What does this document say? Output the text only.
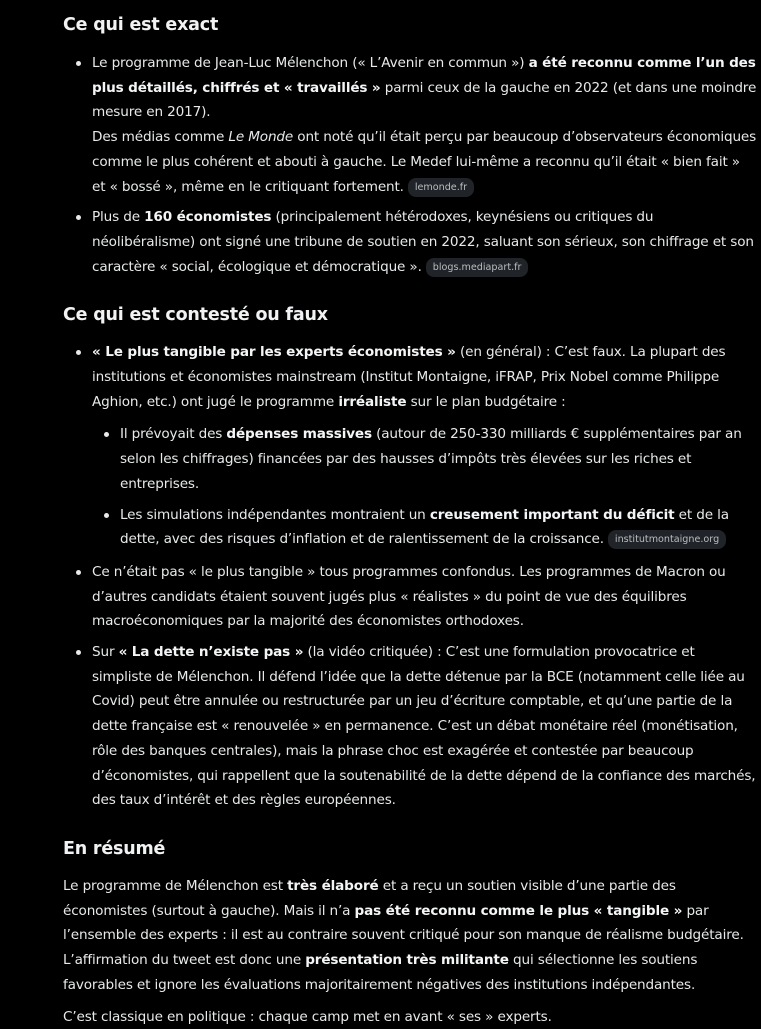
Ce qui est exact
Le programme de Jean-Luc Mélenchon (« L’Avenir en commun ») a été reconnu comme l’un des plus détaillés, chiffrés et « travaillés » parmi ceux de la gauche en 2022 (et dans une moindre mesure en 2017).
Des médias comme Le Monde ont noté qu’il était perçu par beaucoup d’observateurs économiques comme le plus cohérent et abouti à gauche. Le Medef lui-même a reconnu qu’il était « bien fait » et « bossé », même en le critiquant fortement. lemonde.fr
Plus de 160 économistes (principalement hétérodoxes, keynésiens ou critiques du néolibéralisme) ont signé une tribune de soutien en 2022, saluant son sérieux, son chiffrage et son caractère « social, écologique et démocratique ». blogs.mediapart.fr
Ce qui est contesté ou faux
« Le plus tangible par les experts économistes » (en général) : C’est faux. La plupart des institutions et économistes mainstream (Institut Montaigne, iFRAP, Prix Nobel comme Philippe Aghion, etc.) ont jugé le programme irréaliste sur le plan budgétaire :
Il prévoyait des dépenses massives (autour de 250-330 milliards € supplémentaires par an selon les chiffrages) financées par des hausses d’impôts très élevées sur les riches et entreprises.
Les simulations indépendantes montraient un creusement important du déficit et de la dette, avec des risques d’inflation et de ralentissement de la croissance. institutmontaigne.org
Ce n’était pas « le plus tangible » tous programmes confondus. Les programmes de Macron ou d’autres candidats étaient souvent jugés plus « réalistes » du point de vue des équilibres macroéconomiques par la majorité des économistes orthodoxes.
Sur « La dette n’existe pas » (la vidéo critiquée) : C’est une formulation provocatrice et simpliste de Mélenchon. Il défend l’idée que la dette détenue par la BCE (notamment celle liée au Covid) peut être annulée ou restructurée par un jeu d’écriture comptable, et qu’une partie de la dette française est « renouvelée » en permanence. C’est un débat monétaire réel (monétisation, rôle des banques centrales), mais la phrase choc est exagérée et contestée par beaucoup d’économistes, qui rappellent que la soutenabilité de la dette dépend de la confiance des marchés, des taux d’intérêt et des règles européennes.
En résumé

Le programme de Mélenchon est très élaboré et a reçu un soutien visible d’une partie des économistes (surtout à gauche). Mais il n’a pas été reconnu comme le plus « tangible » par l’ensemble des experts : il est au contraire souvent critiqué pour son manque de réalisme budgétaire. L’affirmation du tweet est donc une présentation très militante qui sélectionne les soutiens favorables et ignore les évaluations majoritairement négatives des institutions indépendantes.

C’est classique en politique : chaque camp met en avant « ses » experts.
